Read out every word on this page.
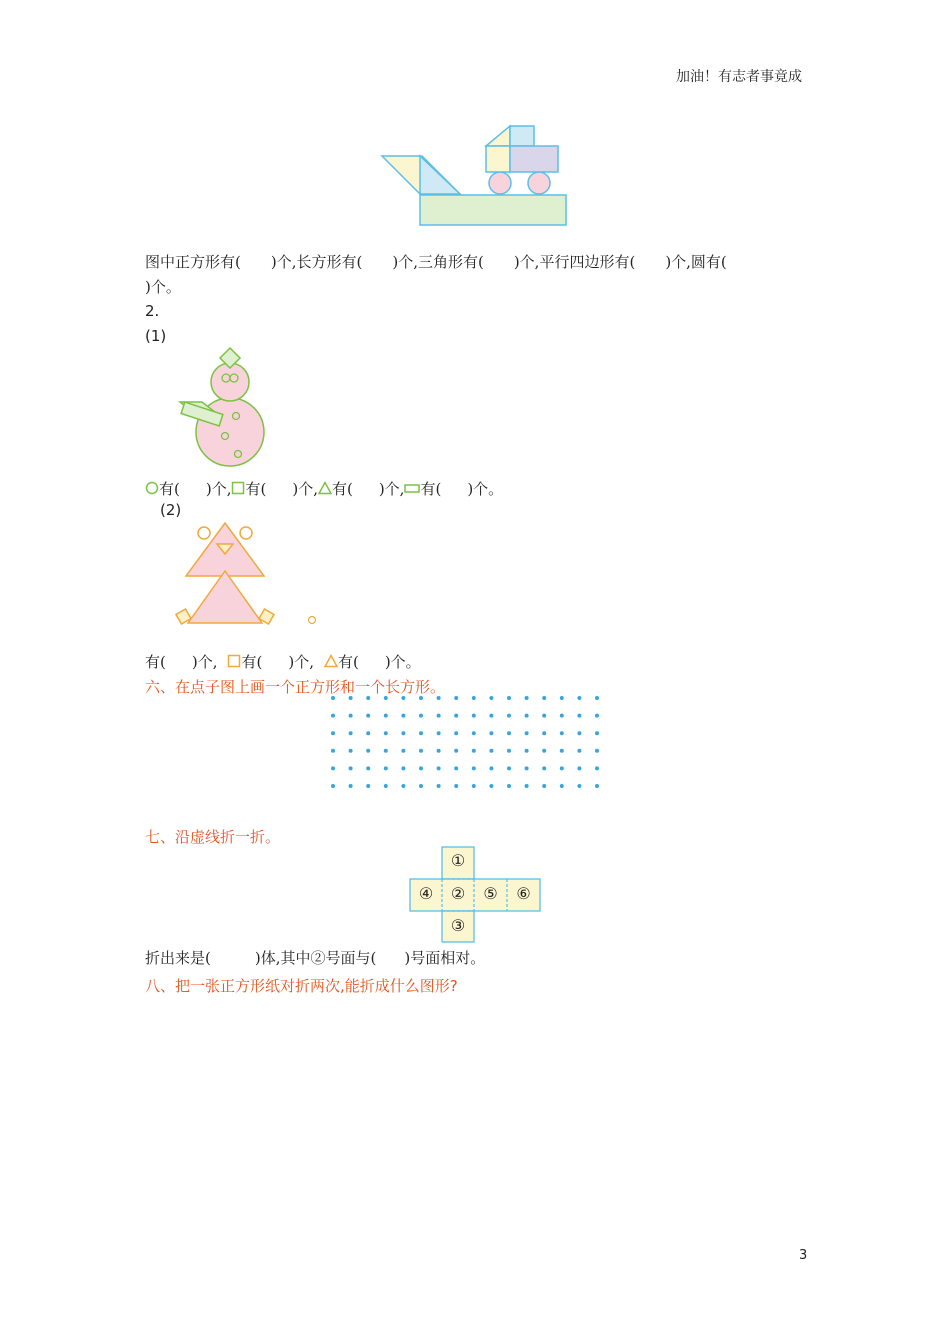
加油！有志者事竟成
图中正方形有( )个,长方形有( )个,三角形有( )个,平行四边形有( )个,圆有(
)个。
2.
(1)
有( )个, 有( )个, 有( )个, 有( )个。
(2)
有( )个, 有( )个, 有( )个。
六、在点子图上画一个正方形和一个长方形。
七、沿虚线折一折。
①
④	②	⑤	⑥
③
折出来是(	)体,其中②号面与( )号面相对。
八、把一张正方形纸对折两次,能折成什么图形?
3
